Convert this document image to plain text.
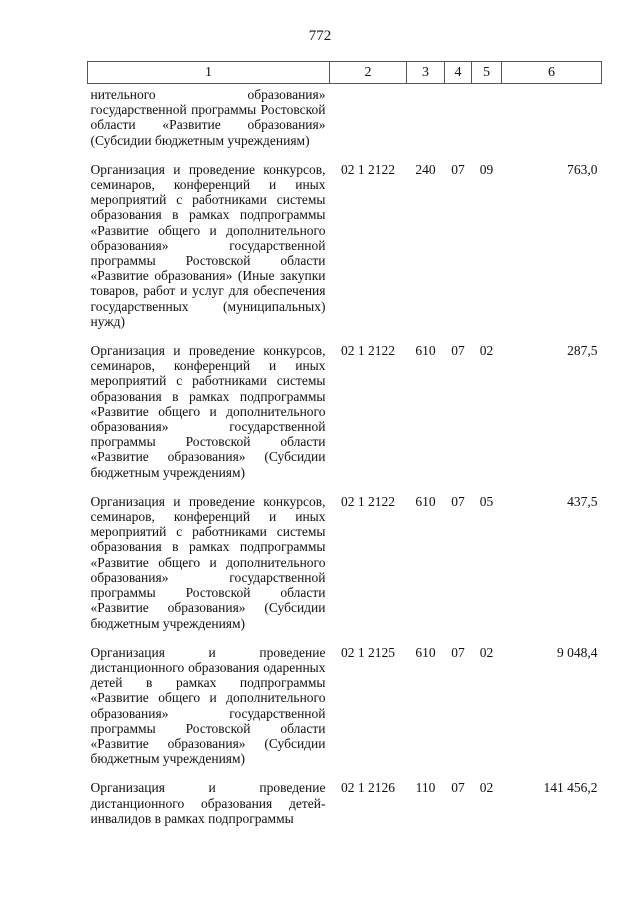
772
1	2	3	4	5	6
нительного образования» государственной программы Ростовской области «Развитие образования» (Субсидии бюджетным учреждениям)					
Организация и проведение конкурсов, семинаров, конференций и иных мероприятий с работниками системы образования в рамках подпрограммы «Развитие общего и дополнительного образования» государственной программы Ростовской области «Развитие образования» (Иные закупки товаров, работ и услуг для обеспечения государственных (муниципальных) нужд)	02 1 2122	240	07	09	763,0
Организация и проведение конкурсов, семинаров, конференций и иных мероприятий с работниками системы образования в рамках подпрограммы «Развитие общего и дополнительного образования» государственной программы Ростовской области «Развитие образования» (Субсидии бюджетным учреждениям)	02 1 2122	610	07	02	287,5
Организация и проведение конкурсов, семинаров, конференций и иных мероприятий с работниками системы образования в рамках подпрограммы «Развитие общего и дополнительного образования» государственной программы Ростовской области «Развитие образования» (Субсидии бюджетным учреждениям)	02 1 2122	610	07	05	437,5
Организация и проведение дистанционного образования одаренных детей в рамках подпрограммы «Развитие общего и дополнительного образования» государственной программы Ростовской области «Развитие образования» (Субсидии бюджетным учреждениям)	02 1 2125	610	07	02	9 048,4
Организация и проведение дистанционного образования детей-инвалидов в рамках подпрограммы	02 1 2126	110	07	02	141 456,2
